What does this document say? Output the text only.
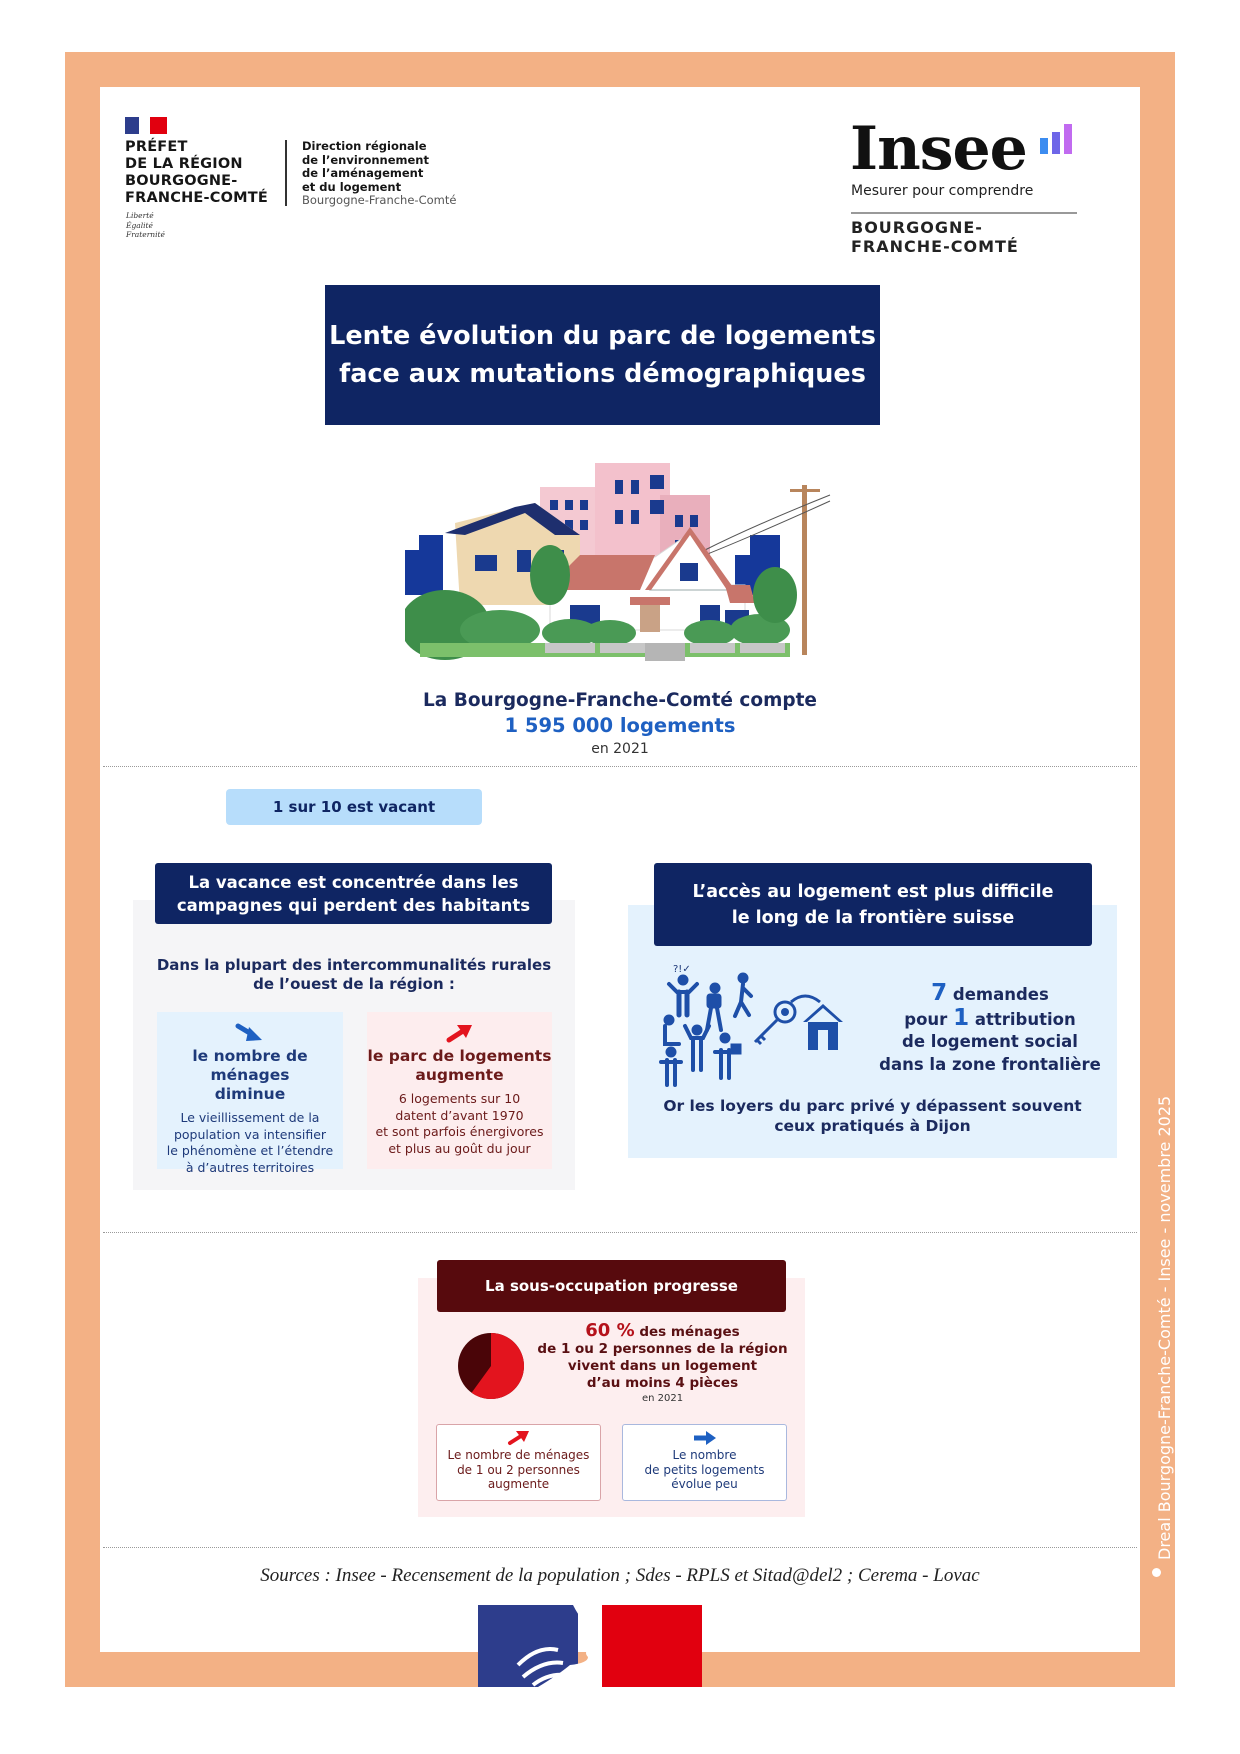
PRÉFET
DE LA RÉGION
BOURGOGNE-
FRANCHE-COMTÉ
Liberté
Égalité
Fraternité
Direction régionale
de l’environnement
de l’aménagement
et du logement
Bourgogne-Franche-Comté
Insee
Mesurer pour comprendre
BOURGOGNE-
FRANCHE-COMTÉ
Lente évolution du parc de logements
face aux mutations démographiques
La Bourgogne-Franche-Comté compte
1 595 000 logements
en 2021
1 sur 10 est vacant
La vacance est concentrée dans les
campagnes qui perdent des habitants
Dans la plupart des intercommunalités rurales
de l’ouest de la région :
le nombre de ménages
diminue
Le vieillissement de la
population va intensifier
le phénomène et l’étendre
à d’autres territoires
le parc de logements
augmente
6 logements sur 10
datent d’avant 1970
et sont parfois énergivores
et plus au goût du jour
L’accès au logement est plus difficile
le long de la frontière suisse
?!✓
7 demandes
pour 1 attribution
de logement social
dans la zone frontalière
Or les loyers du parc privé y dépassent souvent
ceux pratiqués à Dijon
La sous-occupation progresse
60 % des ménages
de 1 ou 2 personnes de la région
vivent dans un logement
d’au moins 4 pièces
en 2021
Le nombre de ménages
de 1 ou 2 personnes
augmente
Le nombre
de petits logements
évolue peu
Sources : Insee - Recensement de la population ; Sdes - RPLS et Sitad@del2 ; Cerema - Lovac
Dreal Bourgogne-Franche-Comté - Insee - novembre 2025
